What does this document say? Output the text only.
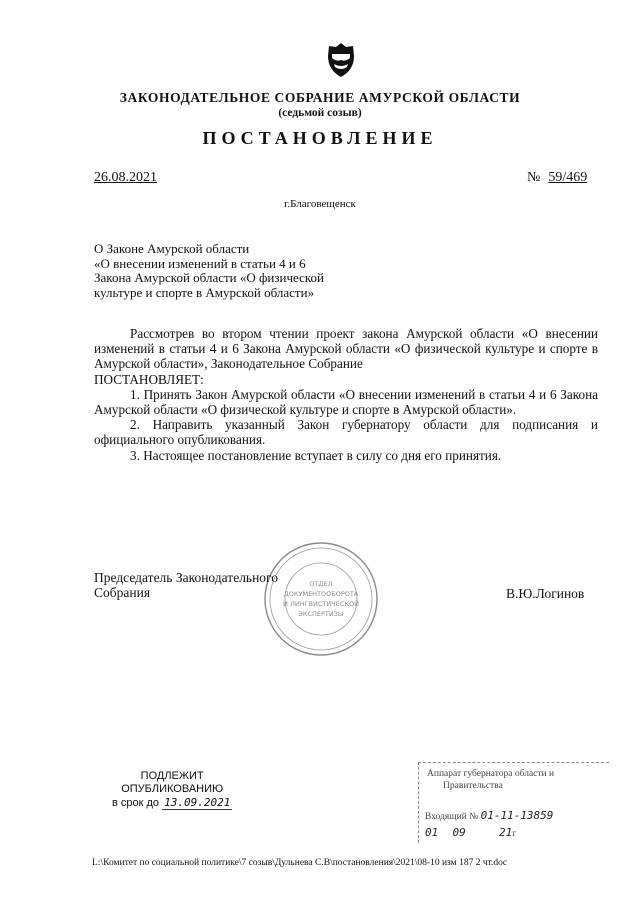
ЗАКОНОДАТЕЛЬНОЕ СОБРАНИЕ АМУРСКОЙ ОБЛАСТИ
(седьмой созыв)
ПОСТАНОВЛЕНИЕ
26.08.2021	№ 59/469
г.Благовещенск
О Законе Амурской области
«О внесении изменений в статьи 4 и 6
Закона Амурской области «О физической
культуре и спорте в Амурской области»

Рассмотрев во втором чтении проект закона Амурской области «О внесении изменений в статьи 4 и 6 Закона Амурской области «О физической культуре и спорте в Амурской области», Законодательное Собрание

ПОСТАНОВЛЯЕТ:

1. Принять Закон Амурской области «О внесении изменений в статьи 4 и 6 Закона Амурской области «О физической культуре и спорте в Амурской области».

2. Направить указанный Закон губернатору области для подписания и официального опубликования.

3. Настоящее постановление вступает в силу со дня его принятия.

ОТДЕЛ
ДОКУМЕНТООБОРОТА
И ЛИНГВИСТИЧЕСКОЙ
ЭКСПЕРТИЗЫ
Председатель Законодательного
Собрания	В.Ю.Логинов
ПОДЛЕЖИТ
ОПУБЛИКОВАНИЮ
в срок до 13.09.2021
Аппарат губернатора области и
Правительства
Входящий № 01-11-13859
01 09	21г
L:\Комитет по социальной политике\7 созыв\Дульнева С.В\постановления\2021\08-10 изм 187 2 чт.doc
